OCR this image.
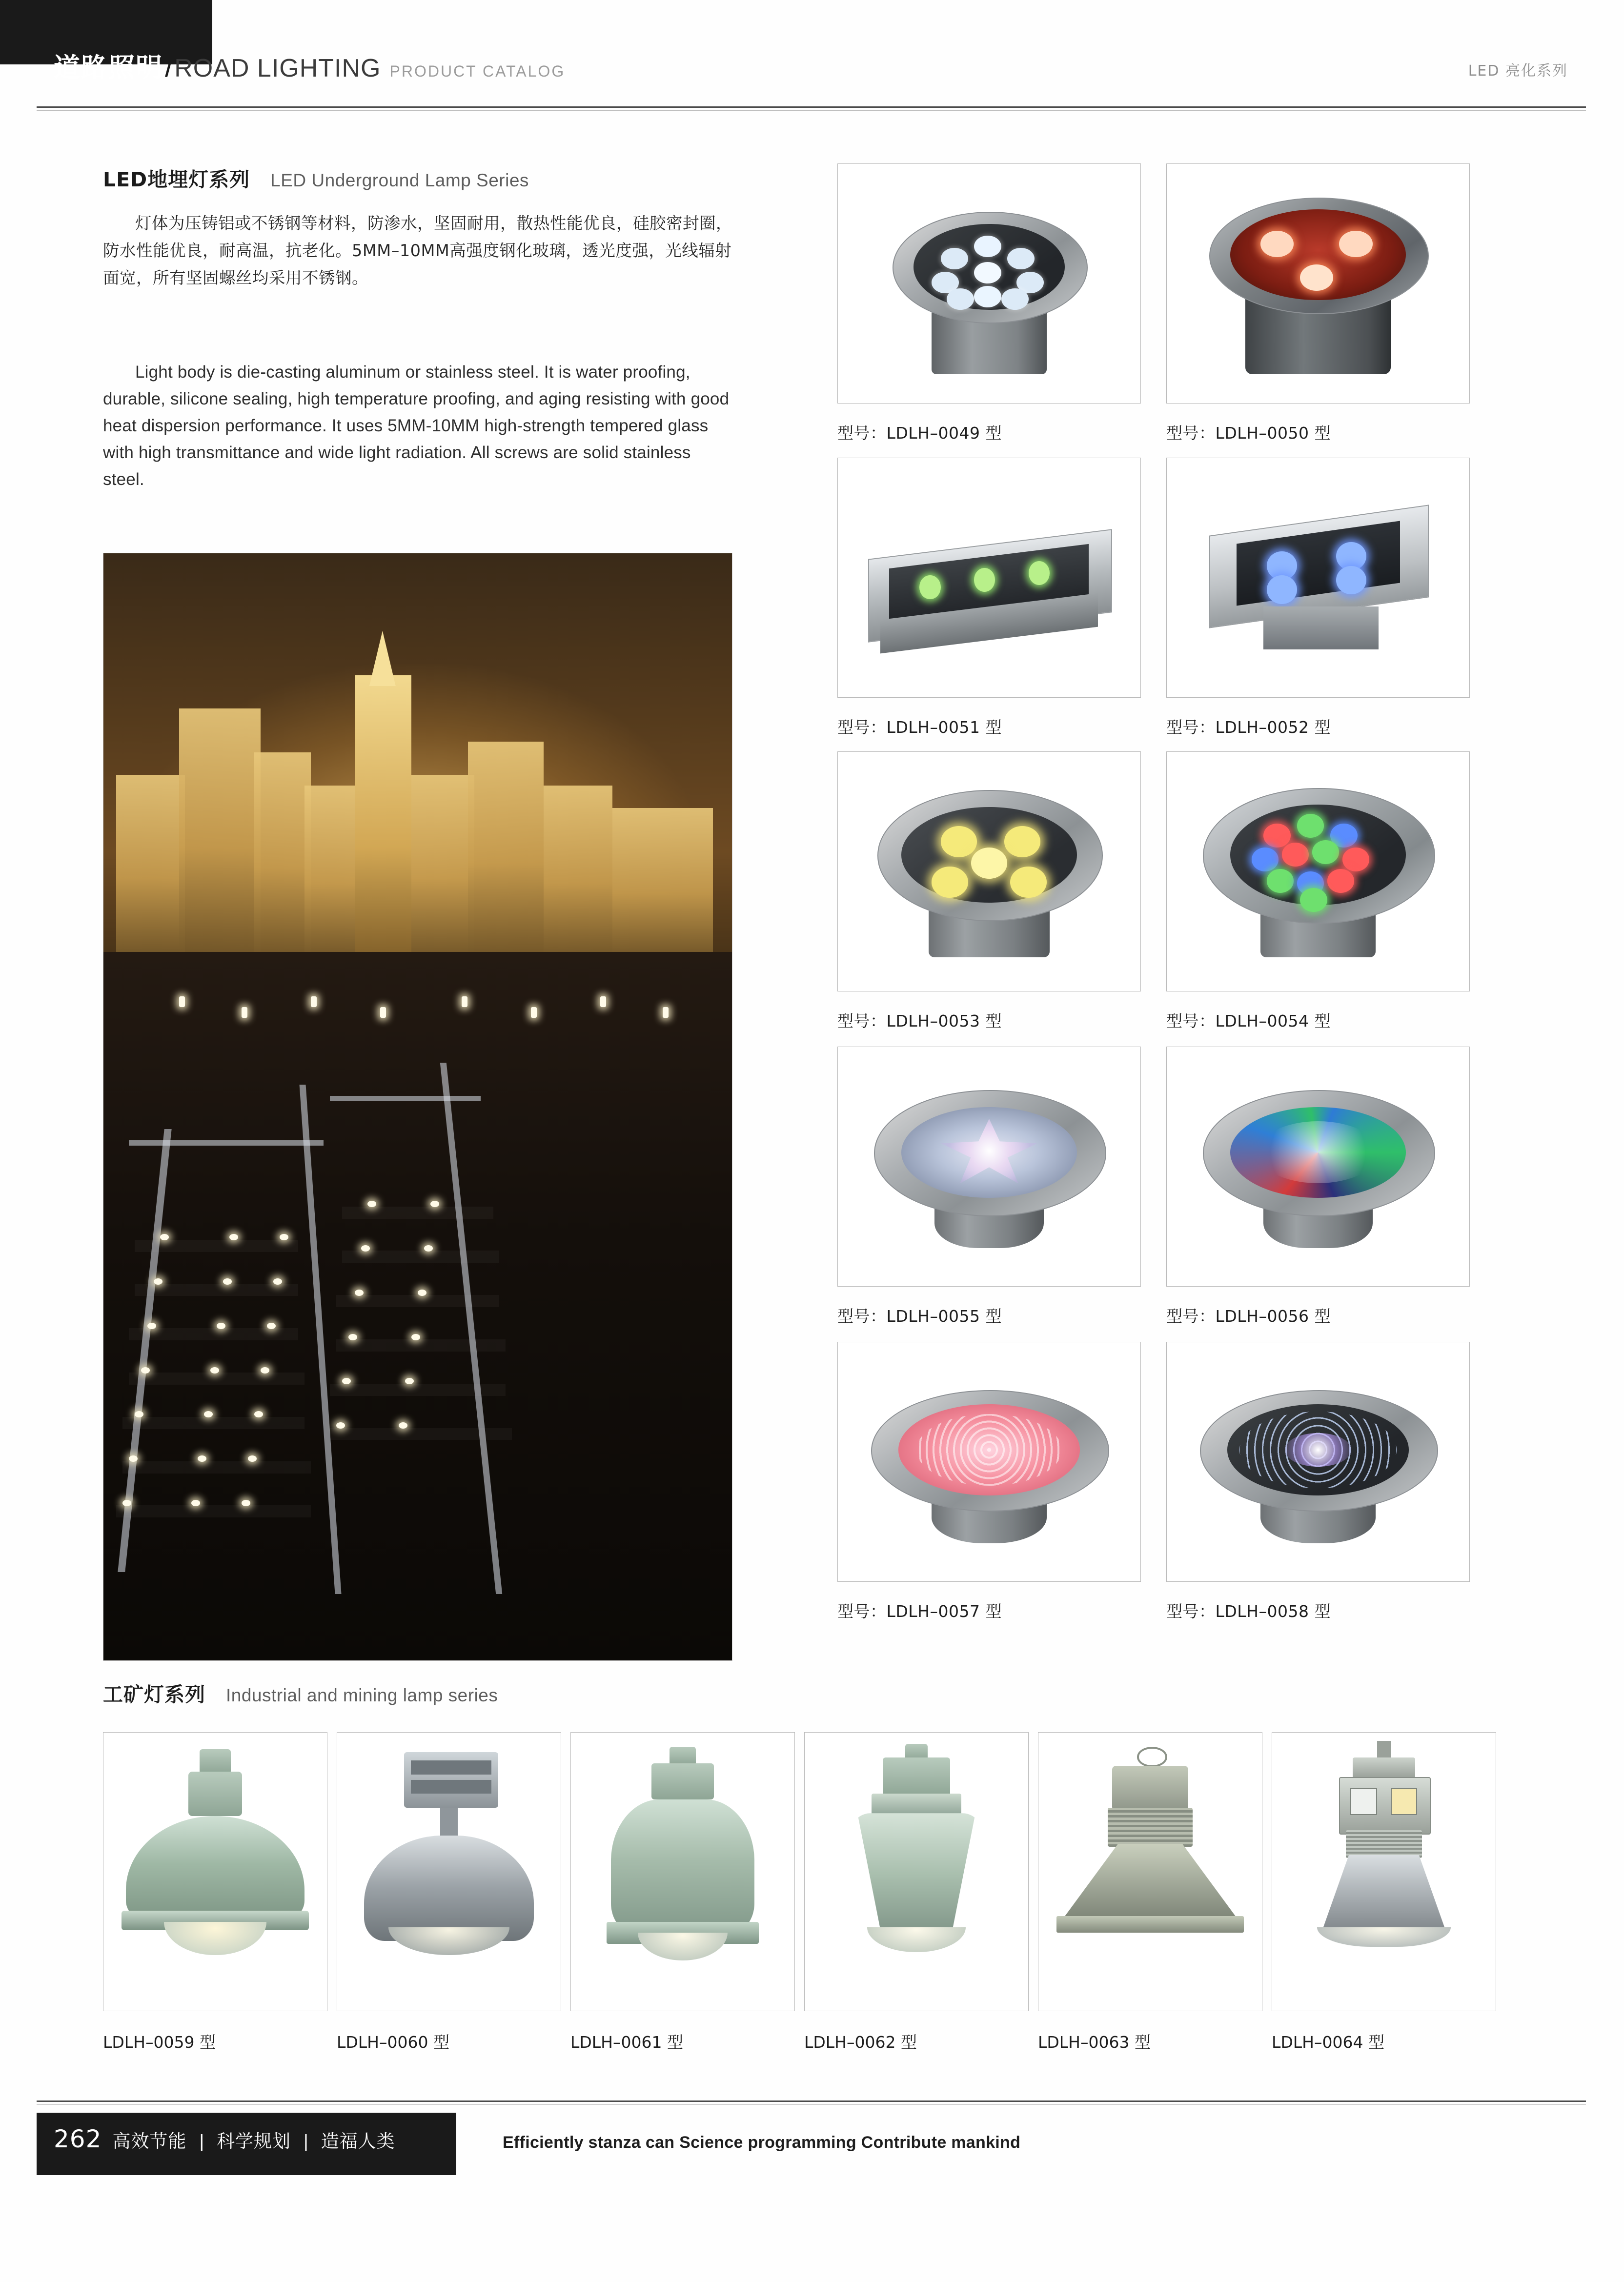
道路照明 / ROAD LIGHTING PRODUCT CATALOG	LED 亮化系列
LED地埋灯系列 LED Underground Lamp Series
灯体为压铸铝或不锈钢等材料，防渗水，坚固耐用，散热性能优良，硅胶密封圈，防水性能优良，耐高温，抗老化。5MM–10MM高强度钢化玻璃，透光度强，光线辐射面宽，所有坚固螺丝均采用不锈钢。
Light body is die-casting aluminum or stainless steel. It is water proofing, durable, silicone sealing, high temperature proofing, and aging resisting with good heat dispersion performance. It uses 5MM-10MM high-strength tempered glass with high transmittance and wide light radiation. All screws are solid stainless steel.
型号：LDLH–0049 型	型号：LDLH–0050 型
型号：LDLH–0051 型	型号：LDLH–0052 型
型号：LDLH–0053 型	型号：LDLH–0054 型
型号：LDLH–0055 型	型号：LDLH–0056 型
型号：LDLH–0057 型	型号：LDLH–0058 型
工矿灯系列 Industrial and mining lamp series
LDLH–0059 型	LDLH–0060 型	LDLH–0061 型	LDLH–0062 型	LDLH–0063 型	LDLH–0064 型
262 高效节能 | 科学规划 | 造福人类	Efficiently stanza can Science programming Contribute mankind
